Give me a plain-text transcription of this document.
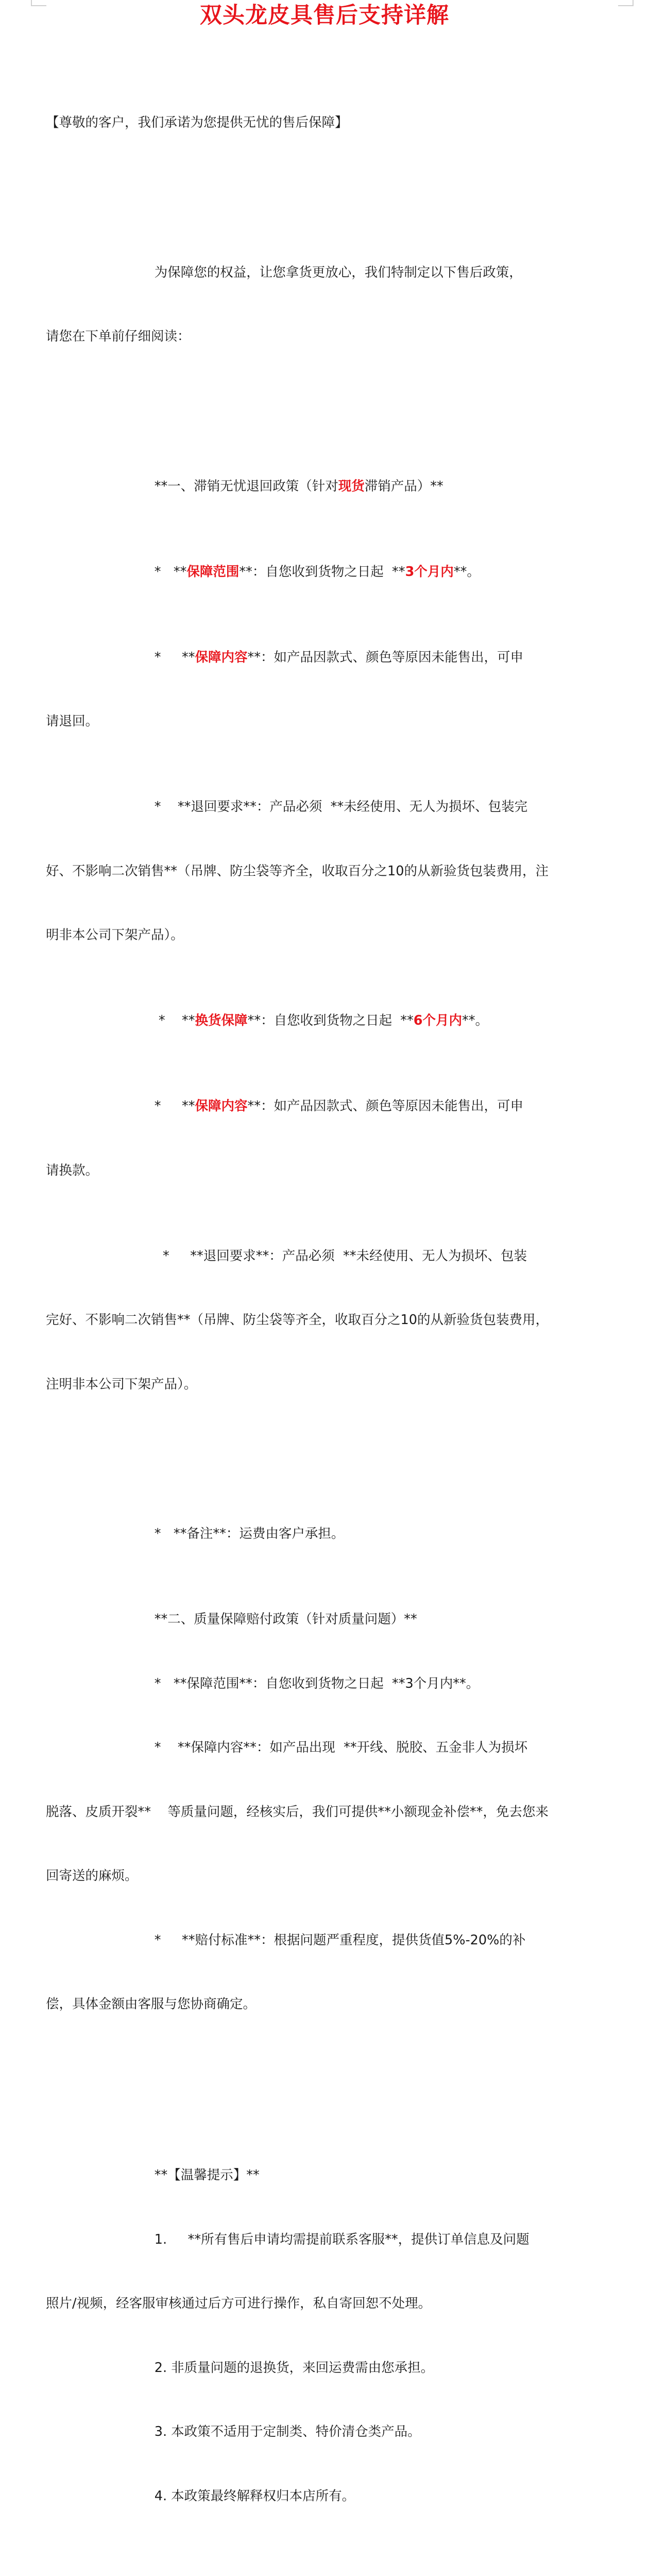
双头龙皮具售后支持详解

【尊敬的客户，我们承诺为您提供无忧的售后保障】

为保障您的权益，让您拿货更放心，我们特制定以下售后政策，

请您在下单前仔细阅读：

**一、滞销无忧退回政策（针对现货滞销产品）**

*   **保障范围**：自您收到货物之日起  **3个月内**。

*     **保障内容**：如产品因款式、颜色等原因未能售出，可申

请退回。

*    **退回要求**：产品必须  **未经使用、无人为损坏、包装完

好、不影响二次销售**（吊牌、防尘袋等齐全，收取百分之10的从新验货包装费用，注

明非本公司下架产品）。

*    **换货保障**：自您收到货物之日起  **6个月内**。

*     **保障内容**：如产品因款式、颜色等原因未能售出，可申

请换款。

*     **退回要求**：产品必须  **未经使用、无人为损坏、包装

完好、不影响二次销售**（吊牌、防尘袋等齐全，收取百分之10的从新验货包装费用，

注明非本公司下架产品）。

*   **备注**：运费由客户承担。

**二、质量保障赔付政策（针对质量问题）**

*   **保障范围**：自您收到货物之日起  **3个月内**。

*    **保障内容**：如产品出现  **开线、脱胶、五金非人为损坏

脱落、皮质开裂**    等质量问题，经核实后，我们可提供**小额现金补偿**，免去您来

回寄送的麻烦。

*     **赔付标准**：根据问题严重程度，提供货值5%-20%的补

偿，具体金额由客服与您协商确定。

**【温馨提示】**

1.     **所有售后申请均需提前联系客服**，提供订单信息及问题

照片/视频，经客服审核通过后方可进行操作，私自寄回恕不处理。

2. 非质量问题的退换货，来回运费需由您承担。

3. 本政策不适用于定制类、特价清仓类产品。

4. 本政策最终解释权归本店所有。
